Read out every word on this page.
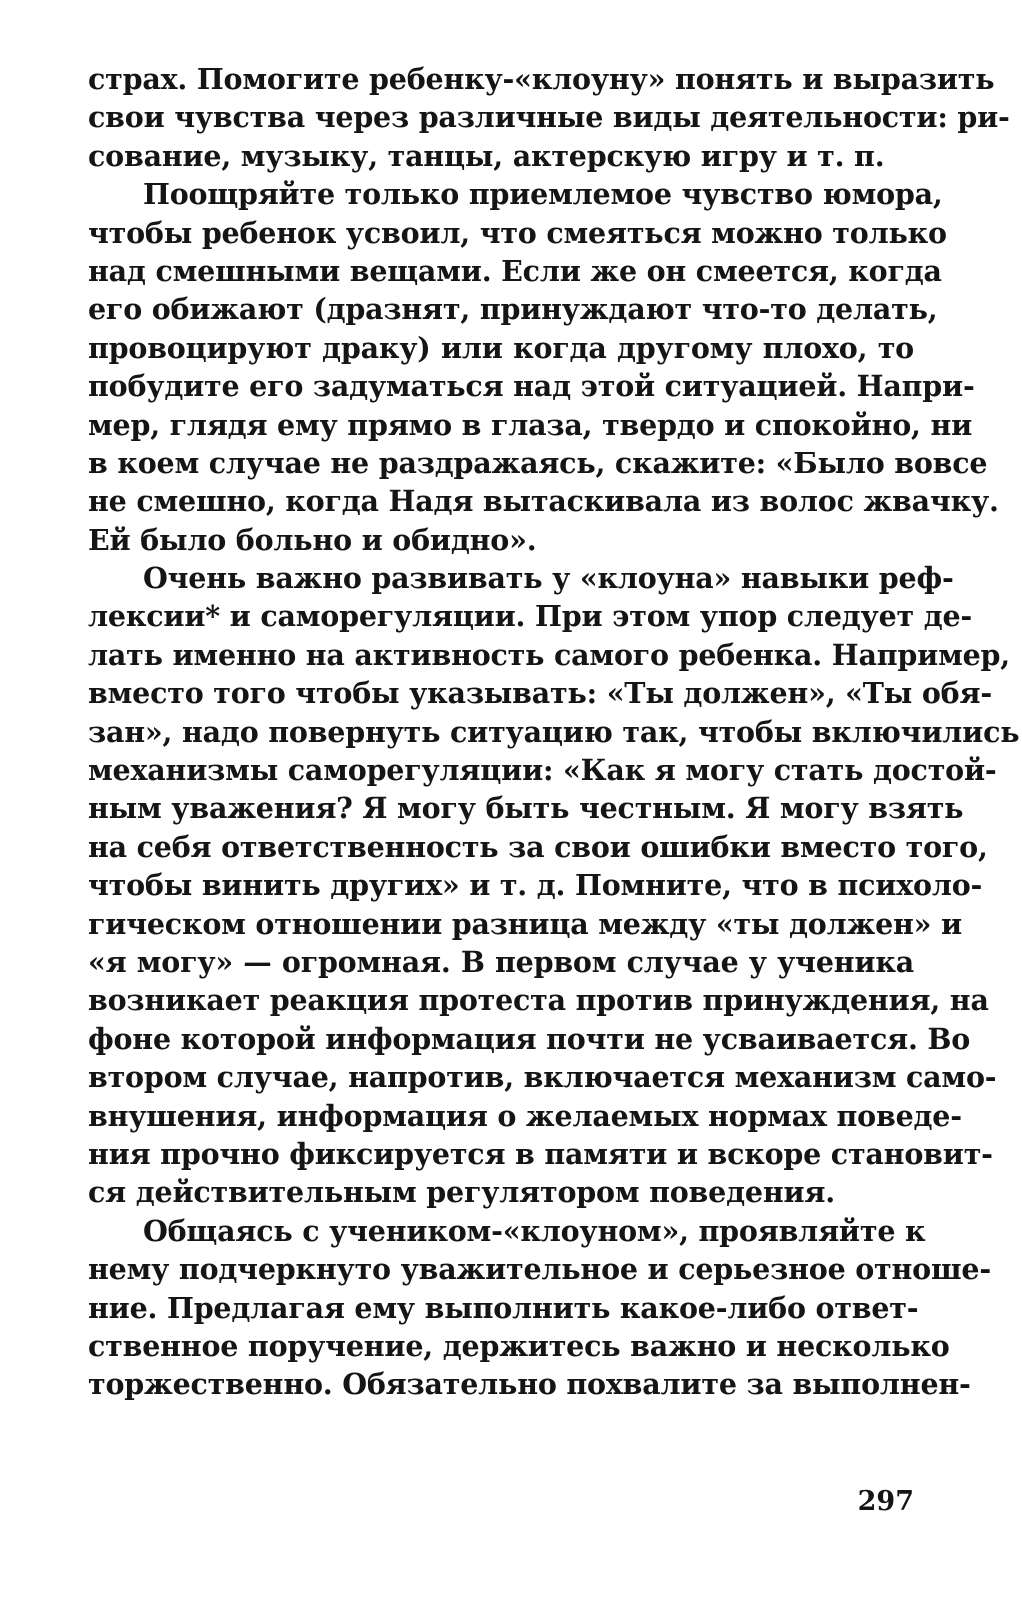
страх. Помогите ребенку-«клоуну» понять и выразить
свои чувства через различные виды деятельности: ри-
сование, музыку, танцы, актерскую игру и т. п.
Поощряйте только приемлемое чувство юмора,
чтобы ребенок усвоил, что смеяться можно только
над смешными вещами. Если же он смеется, когда
его обижают (дразнят, принуждают что-то делать,
провоцируют драку) или когда другому плохо, то
побудите его задуматься над этой ситуацией. Напри-
мер, глядя ему прямо в глаза, твердо и спокойно, ни
в коем случае не раздражаясь, скажите: «Было вовсе
не смешно, когда Надя вытаскивала из волос жвачку.
Ей было больно и обидно».
Очень важно развивать у «клоуна» навыки реф-
лексии* и саморегуляции. При этом упор следует де-
лать именно на активность самого ребенка. Например,
вместо того чтобы указывать: «Ты должен», «Ты обя-
зан», надо повернуть ситуацию так, чтобы включились
механизмы саморегуляции: «Как я могу стать достой-
ным уважения? Я могу быть честным. Я могу взять
на себя ответственность за свои ошибки вместо того,
чтобы винить других» и т. д. Помните, что в психоло-
гическом отношении разница между «ты должен» и
«я могу» — огромная. В первом случае у ученика
возникает реакция протеста против принуждения, на
фоне которой информация почти не усваивается. Во
втором случае, напротив, включается механизм само-
внушения, информация о желаемых нормах поведе-
ния прочно фиксируется в памяти и вскоре становит-
ся действительным регулятором поведения.
Общаясь с учеником-«клоуном», проявляйте к
нему подчеркнуто уважительное и серьезное отноше-
ние. Предлагая ему выполнить какое-либо ответ-
ственное поручение, держитесь важно и несколько
торжественно. Обязательно похвалите за выполнен-
297
